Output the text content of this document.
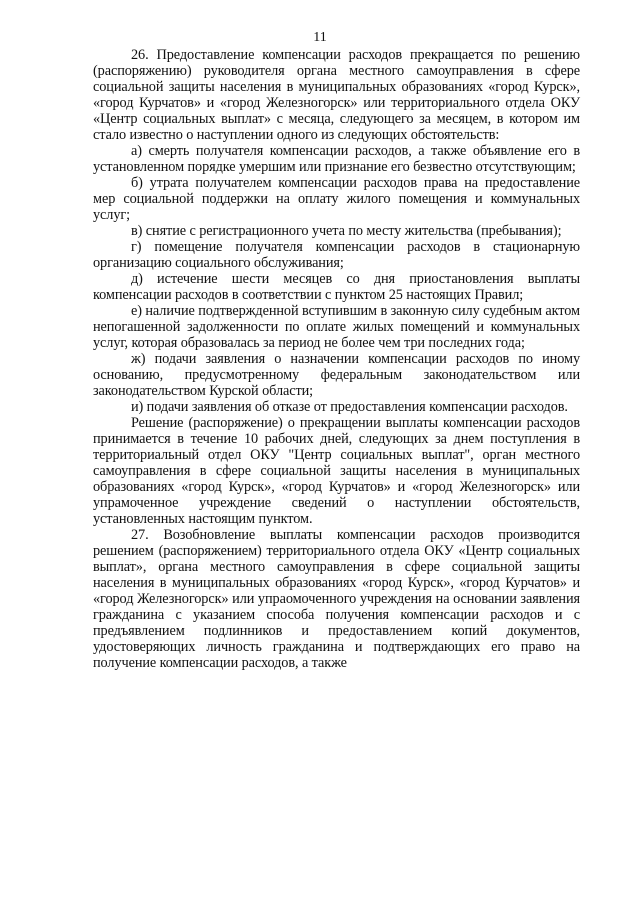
11

26. Предоставление компенсации расходов прекращается по решению (распоряжению) руководителя органа местного самоуправления в сфере социальной защиты населения в муниципальных образованиях «город Курск», «город Курчатов» и «город Железногорск» или территориального отдела ОКУ «Центр социальных выплат» с месяца, следующего за месяцем, в котором им стало известно о наступлении одного из следующих обстоятельств:

а) смерть получателя компенсации расходов, а также объявление его в установленном порядке умершим или признание его безвестно отсутствующим;

б) утрата получателем компенсации расходов права на предоставление мер социальной поддержки на оплату жилого помещения и коммунальных услуг;

в) снятие с регистрационного учета по месту жительства (пребывания);

г) помещение получателя компенсации расходов в стационарную организацию социального обслуживания;

д) истечение шести месяцев со дня приостановления выплаты компенсации расходов в соответствии с пунктом 25 настоящих Правил;

е) наличие подтвержденной вступившим в законную силу судебным актом непогашенной задолженности по оплате жилых помещений и коммунальных услуг, которая образовалась за период не более чем три последних года;

ж) подачи заявления о назначении компенсации расходов по иному основанию, предусмотренному федеральным законодательством или законодательством Курской области;

и) подачи заявления об отказе от предоставления компенсации расходов.

Решение (распоряжение) о прекращении выплаты компенсации расходов принимается в течение 10 рабочих дней, следующих за днем поступления в территориальный отдел ОКУ "Центр социальных выплат", орган местного самоуправления в сфере социальной защиты населения в муниципальных образованиях «город Курск», «город Курчатов» и «город Железногорск» или упрамоченное учреждение сведений о наступлении обстоятельств, установленных настоящим пунктом.

27. Возобновление выплаты компенсации расходов производится решением (распоряжением) территориального отдела ОКУ «Центр социальных выплат», органа местного самоуправления в сфере социальной защиты населения в муниципальных образованиях «город Курск», «город Курчатов» и «город Железногорск» или упраомоченного учреждения на основании заявления гражданина с указанием способа получения компенсации расходов и с предъявлением подлинников и предоставлением копий документов, удостоверяющих личность гражданина и подтверждающих его право на получение компенсации расходов, а также
